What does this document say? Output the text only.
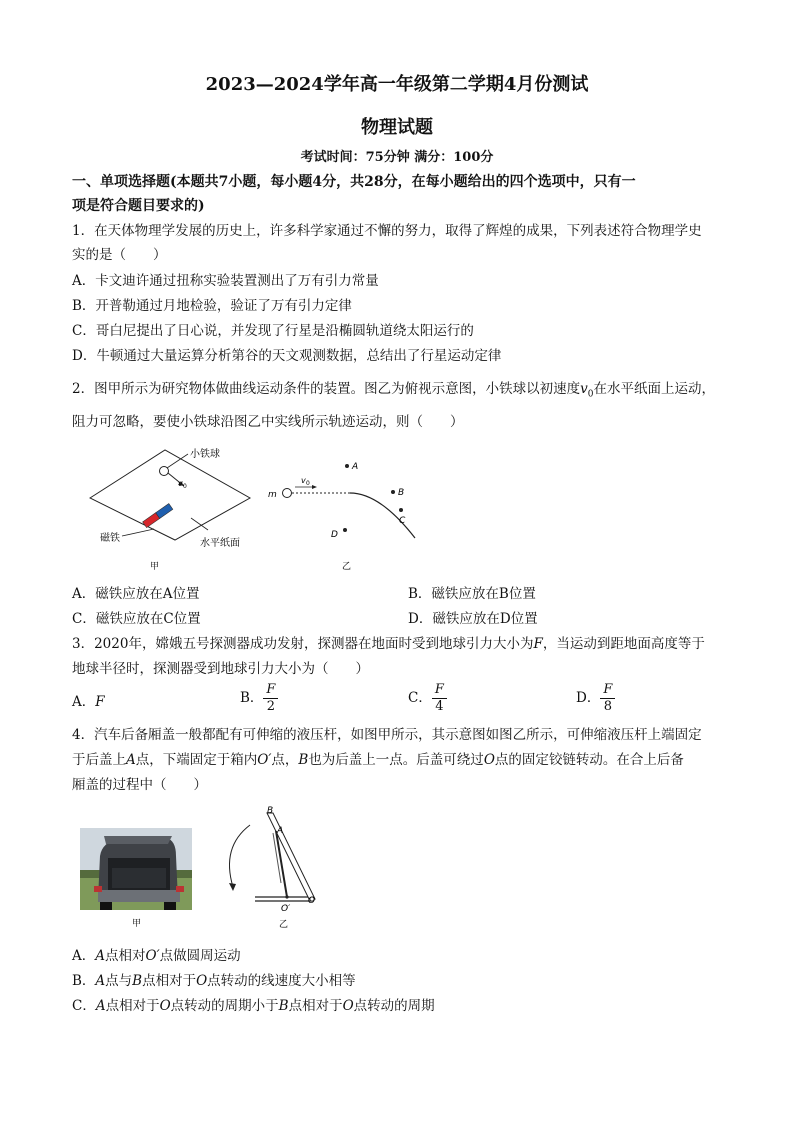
2023—2024学年高一年级第二学期4月份测试
物理试题
考试时间：75分钟 满分：100分
一、单项选择题(本题共7小题，每小题4分，共28分，在每小题给出的四个选项中，只有一
项是符合题目要求的)
1．在天体物理学发展的历史上，许多科学家通过不懈的努力，取得了辉煌的成果，下列表述符合物理学史
实的是（　　）
A．卡文迪许通过扭称实验装置测出了万有引力常量
B．开普勒通过月地检验，验证了万有引力定律
C．哥白尼提出了日心说，并发现了行星是沿椭圆轨道绕太阳运行的
D．牛顿通过大量运算分析第谷的天文观测数据，总结出了行星运动定律
2．图甲所示为研究物体做曲线运动条件的装置。图乙为俯视示意图，小铁球以初速度$v_0$在水平纸面上运动，
阻力可忽略，要使小铁球沿图乙中实线所示轨迹运动，则（　　）
小铁球
v 0
磁铁	水平纸面
甲
m
v 0
A
B
C
D
乙
A．磁铁应放在A位置	B．磁铁应放在B位置
C．磁铁应放在C位置	D．磁铁应放在D位置
3．2020年，嫦娥五号探测器成功发射，探测器在地面时受到地球引力大小为F，当运动到距地面高度等于
地球半径时，探测器受到地球引力大小为（　　）
A．F	B． $\frac{F}{2}$	C． $\frac{F}{4}$	D． $\frac{F}{8}$
4．汽车后备厢盖一般都配有可伸缩的液压杆，如图甲所示，其示意图如图乙所示，可伸缩液压杆上端固定
于后盖上A点，下端固定于箱内O′点，B也为后盖上一点。后盖可绕过O点的固定铰链转动。在合上后备
厢盖的过程中（　　）
甲
B
A
O′
O
乙
A．A点相对O′点做圆周运动
B．A点与B点相对于O点转动的线速度大小相等
C．A点相对于O点转动的周期小于B点相对于O点转动的周期
